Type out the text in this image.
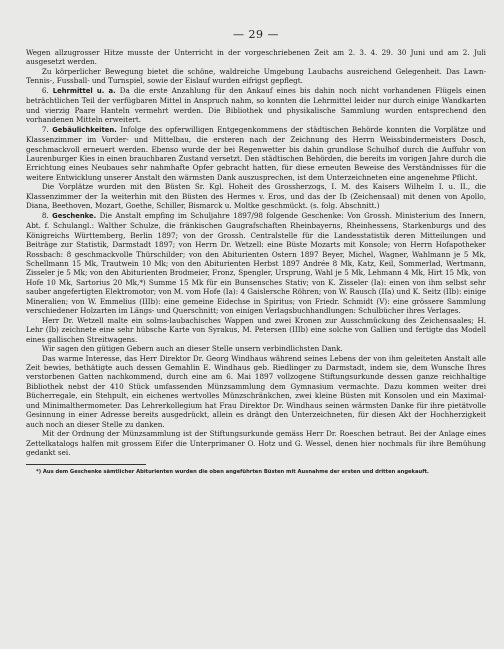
— 29 —

Wegen allzugrosser Hitze musste der Unterricht in der vorgeschriebenen Zeit am 2. 3. 4. 29. 30 Juni und am 2. Juli ausgesetzt werden.

Zu körperlicher Bewegung bietet die schöne, waldreiche Umgebung Laubachs ausreichend Gelegenheit. Das Lawn-Tennis-, Fussball- und Turnspiel, sowie der Eislauf wurden eifrigst gepflegt.

6. Lehrmittel u. a. Da die erste Anzahlung für den Ankauf eines bis dahin noch nicht vorhandenen Flügels einen beträchtlichen Teil der verfügbaren Mittel in Anspruch nahm, so konnten die Lehrmittel leider nur durch einige Wandkarten und vierzig Paare Hanteln vermehrt werden. Die Bibliothek und physikalische Sammlung wurden entsprechend den vorhandenen Mitteln erweitert.

7. Gebäulichkeiten. Infolge des opferwilligen Entgegenkommens der städtischen Behörde konnten die Vorplätze und Klassenzimmer im Vorder- und Mittelbau, die ersteren nach der Zeichnung des Herrn Weissbindermeisters Dosch, geschmackvoll erneuert werden. Ebenso wurde der bei Regenwetter bis dahin grundlose Schulhof durch die Auffuhr von Laurenburger Kies in einen brauchbaren Zustand versetzt. Den städtischen Behörden, die bereits im vorigen Jahre durch die Errichtung eines Neubaues sehr nahmhafte Opfer gebracht hatten, für diese erneuten Beweise des Verständnisses für die weitere Entwicklung unserer Anstalt den wärmsten Dank auszusprechen, ist dem Unterzeichneten eine angenehme Pflicht.

Die Vorplätze wurden mit den Büsten Sr. Kgl. Hoheit des Grossherzogs, I. M. des Kaisers Wilhelm I. u. II., die Klassenzimmer der Ia weiterhin mit den Büsten des Hermes v. Eros, und das der Ib (Zeichensaal) mit denen von Apollo, Diana, Beethoven, Mozart, Goethe, Schiller, Bismarck u. Moltke geschmückt. (s. folg. Abschnitt.)

8. Geschenke. Die Anstalt empfing im Schuljahre 1897/98 folgende Geschenke: Von Grossh. Ministerium des Innern, Abt. f. Schulangl.: Walther Schulze, die fränkischen Gaugrafschaften Rheinbayerns, Rheinhessens, Starkenburgs und des Königreichs Württemberg, Berlin 1897; von der Grossh. Centralstelle für die Landesstatistik deren Mitteilungen und Beiträge zur Statistik, Darmstadt 1897; von Herrn Dr. Wetzell: eine Büste Mozarts mit Konsole; von Herrn Hofapotheker Rossbach: 8 geschmackvolle Thürschilder; von den Abiturienten Ostern 1897 Beyer, Michel, Wagner, Wahlmann je 5 Mk, Schellmann 15 Mk, Trautwein 10 Mk; von den Abiturienten Herbst 1897 Andrée 8 Mk, Katz, Keil, Sommerlad, Wertmann, Zisseler je 5 Mk; von den Abiturienten Brodmeier, Fronz, Spengler, Ursprung, Wahl je 5 Mk, Lehmann 4 Mk, Hirt 15 Mk, von Hofe 10 Mk, Sartorius 20 Mk,*) Summe 15 Mk für ein Bunsensches Stativ; von K. Zisseler (Ia): einen von ihm selbst sehr sauber angefertigten Elektromotor; von M. vom Hofe (Ia): 4 Gaislersche Röhren; von W. Rausch (IIa) und K. Seitz (IIb): einige Mineralien; von W. Emmelius (IIIb): eine gemeine Eidechse in Spiritus; von Friedr. Schmidt (V): eine grössere Sammlung verschiedener Holzarten im Längs- und Querschnitt; von einigen Verlagsbuchhandlungen: Schulbücher ihres Verlages.

Herr Dr. Wetzell malte ein solms-laubachisches Wappen und zwei Kronen zur Ausschmückung des Zeichensaales; H. Lehr (Ib) zeichnete eine sehr hübsche Karte von Syrakus, M. Petersen (IIIb) eine solche von Gallien und fertigte das Modell eines gallischen Streitwagens.

Wir sagen den gütigen Gebern auch an dieser Stelle unsern verbindlichsten Dank.

Das warme Interesse, das Herr Direktor Dr. Georg Windhaus während seines Lebens der von ihm geleiteten Anstalt alle Zeit bewies, bethätigte auch dessen Gemahlin E. Windhaus geb. Riedlinger zu Darmstadt, indem sie, dem Wunsche Ihres verstorbenen Gatten nachkommend, durch eine am 6. Mai 1897 vollzogene Stiftungsurkunde dessen ganze reichhaltige Bibliothek nebst der 410 Stück umfassenden Münzsammlung dem Gymnasium vermachte. Dazu kommen weiter drei Bücherregale, ein Stehpult, ein eichenes wertvolles Münzschränkchen, zwei kleine Büsten mit Konsolen und ein Maximal- und Minimalthermometer. Das Lehrerkollegium hat Frau Direktor Dr. Windhaus seinen wärmsten Danke für ihre pietätvolle Gesinnung in einer Adresse bereits ausgedrückt, allein es drängt den Unterzeichneten, für diesen Akt der Hochherzigkeit auch noch an dieser Stelle zu danken.

Mit der Ordnung der Münzsammlung ist der Stiftungsurkunde gemäss Herr Dr. Roeschen betraut. Bei der Anlage eines Zettelkatalogs halfen mit grossem Eifer die Unterprimaner O. Hotz und G. Wessel, denen hier nochmals für ihre Bemühung gedankt sei.

*) Aus dem Geschenke sämtlicher Abiturienten wurden die oben angeführten Büsten mit Ausnahme der ersten und dritten angekauft.
